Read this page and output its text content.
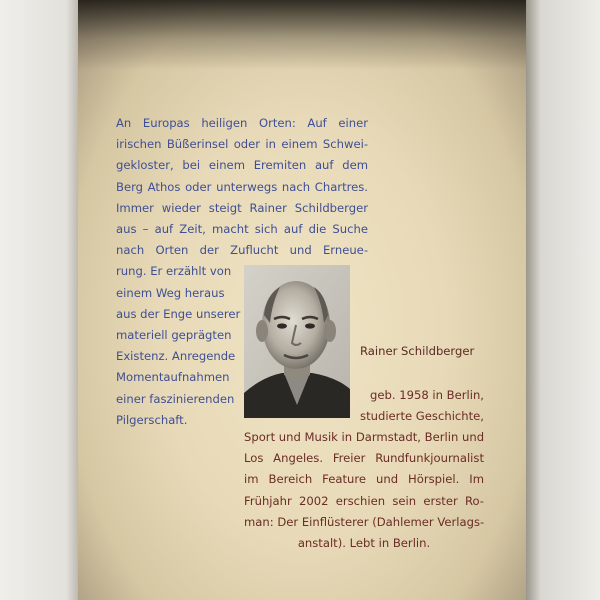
An Europas heiligen Orten: Auf einer
irischen Büßerinsel oder in einem Schwei-
gekloster, bei einem Eremiten auf dem
Berg Athos oder unterwegs nach Chartres.
Immer wieder steigt Rainer Schildberger
aus – auf Zeit, macht sich auf die Suche
nach Orten der Zuflucht und Erneue-
rung. Er erzählt von
einem Weg heraus
aus der Enge unserer
materiell geprägten
Existenz. Anregende
Momentaufnahmen
einer faszinierenden
Pilgerschaft.
Rainer Schildberger
geb. 1958 in Berlin,
studierte Geschichte,
Sport und Musik in Darmstadt, Berlin und
Los Angeles. Freier Rundfunkjournalist
im Bereich Feature und Hörspiel. Im
Frühjahr 2002 erschien sein erster Ro-
man: Der Einflüsterer (Dahlemer Verlags-
anstalt). Lebt in Berlin.
